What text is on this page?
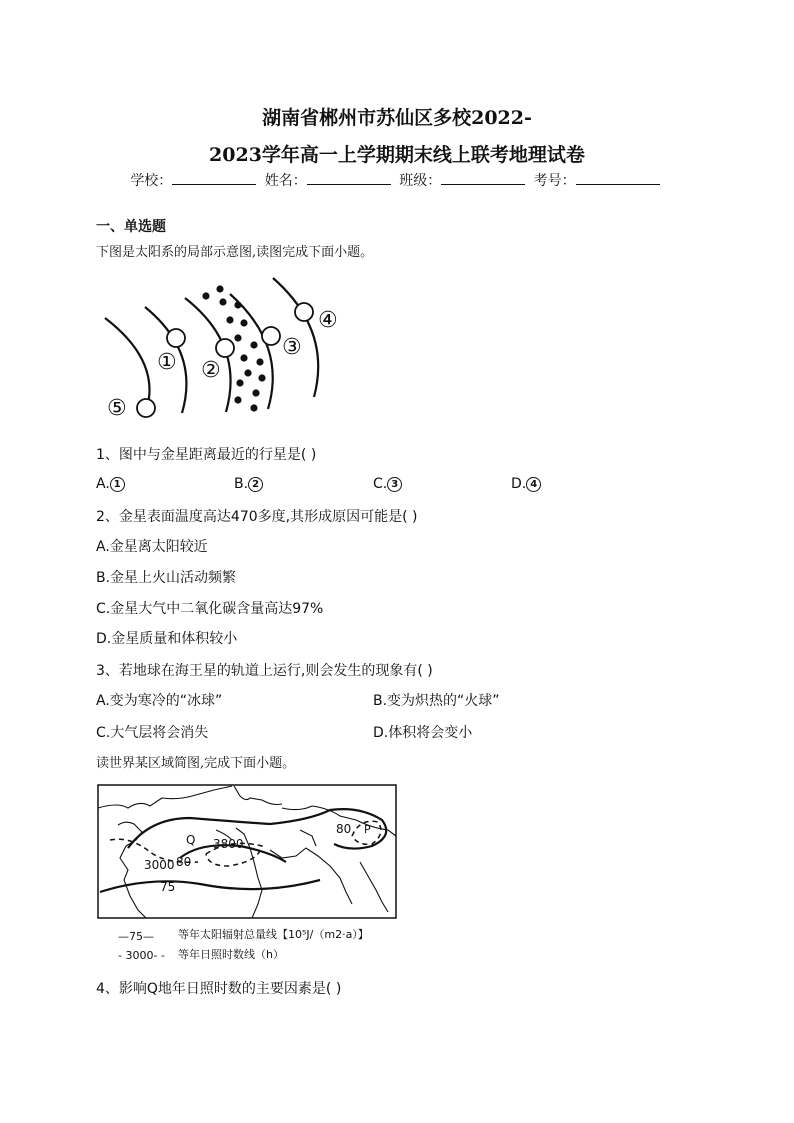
湖南省郴州市苏仙区多校2022-
2023学年高一上学期期末线上联考地理试卷
学校：	姓名：	班级：	考号：
一、单选题
下图是太阳系的局部示意图,读图完成下面小题。
① ②
③
④
⑤
1、图中与金星距离最近的行星是( )
A. 1	B. 2	C. 3	D. 4
2、金星表面温度高达470多度,其形成原因可能是( )
A.金星离太阳较近
B.金星上火山活动频繁
C.金星大气中二氧化碳含量高达97%
D.金星质量和体积较小
3、若地球在海王星的轨道上运行,则会发生的现象有( )
A.变为寒冷的“冰球”	B.变为炽热的“火球”
C.大气层将会消失	D.体积将会变小
读世界某区域简图,完成下面小题。
Q 3800
80
3000 80
75
P
—75— 等年太阳辐射总量线【10⁵J/（m2·a）】
- 3000- - 等年日照时数线（h）
4、影响Q地年日照时数的主要因素是( )
